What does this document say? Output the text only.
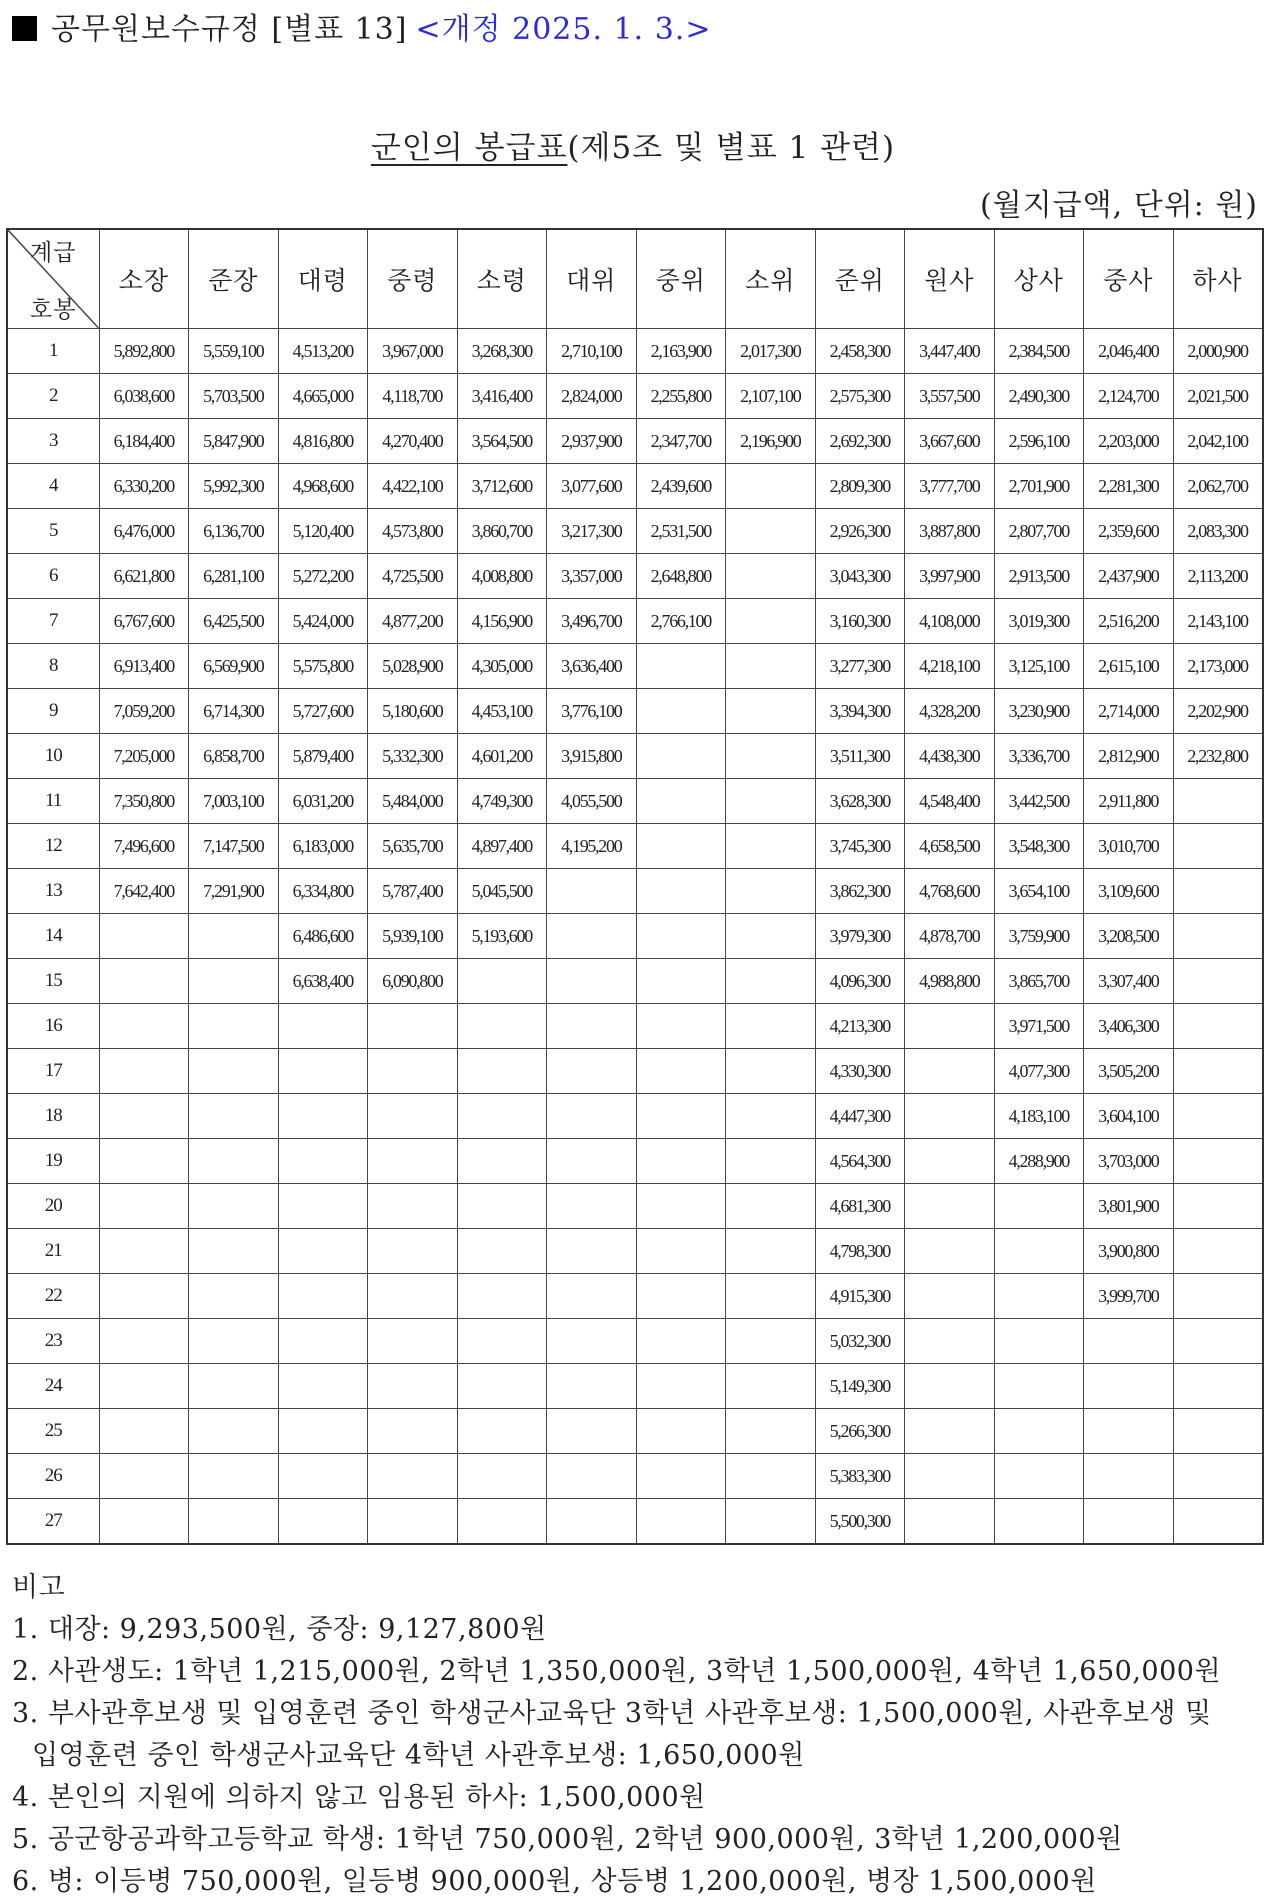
공무원보수규정 [별표 13] <개정 2025. 1. 3.>
군인의 봉급표(제5조 및 별표 1 관련)
(월지급액, 단위: 원)
계급
호봉	소장	준장	대령	중령	소령	대위	중위	소위	준위	원사	상사	중사	하사
1	5,892,800	5,559,100	4,513,200	3,967,000	3,268,300	2,710,100	2,163,900	2,017,300	2,458,300	3,447,400	2,384,500	2,046,400	2,000,900
2	6,038,600	5,703,500	4,665,000	4,118,700	3,416,400	2,824,000	2,255,800	2,107,100	2,575,300	3,557,500	2,490,300	2,124,700	2,021,500
3	6,184,400	5,847,900	4,816,800	4,270,400	3,564,500	2,937,900	2,347,700	2,196,900	2,692,300	3,667,600	2,596,100	2,203,000	2,042,100
4	6,330,200	5,992,300	4,968,600	4,422,100	3,712,600	3,077,600	2,439,600		2,809,300	3,777,700	2,701,900	2,281,300	2,062,700
5	6,476,000	6,136,700	5,120,400	4,573,800	3,860,700	3,217,300	2,531,500		2,926,300	3,887,800	2,807,700	2,359,600	2,083,300
6	6,621,800	6,281,100	5,272,200	4,725,500	4,008,800	3,357,000	2,648,800		3,043,300	3,997,900	2,913,500	2,437,900	2,113,200
7	6,767,600	6,425,500	5,424,000	4,877,200	4,156,900	3,496,700	2,766,100		3,160,300	4,108,000	3,019,300	2,516,200	2,143,100
8	6,913,400	6,569,900	5,575,800	5,028,900	4,305,000	3,636,400			3,277,300	4,218,100	3,125,100	2,615,100	2,173,000
9	7,059,200	6,714,300	5,727,600	5,180,600	4,453,100	3,776,100			3,394,300	4,328,200	3,230,900	2,714,000	2,202,900
10	7,205,000	6,858,700	5,879,400	5,332,300	4,601,200	3,915,800			3,511,300	4,438,300	3,336,700	2,812,900	2,232,800
11	7,350,800	7,003,100	6,031,200	5,484,000	4,749,300	4,055,500			3,628,300	4,548,400	3,442,500	2,911,800	
12	7,496,600	7,147,500	6,183,000	5,635,700	4,897,400	4,195,200			3,745,300	4,658,500	3,548,300	3,010,700	
13	7,642,400	7,291,900	6,334,800	5,787,400	5,045,500				3,862,300	4,768,600	3,654,100	3,109,600	
14			6,486,600	5,939,100	5,193,600				3,979,300	4,878,700	3,759,900	3,208,500	
15			6,638,400	6,090,800					4,096,300	4,988,800	3,865,700	3,307,400	
16									4,213,300		3,971,500	3,406,300	
17									4,330,300		4,077,300	3,505,200	
18									4,447,300		4,183,100	3,604,100	
19									4,564,300		4,288,900	3,703,000	
20									4,681,300			3,801,900	
21									4,798,300			3,900,800	
22									4,915,300			3,999,700	
23									5,032,300				
24									5,149,300				
25									5,266,300				
26									5,383,300				
27									5,500,300				
비고
1. 대장: 9,293,500원, 중장: 9,127,800원
2. 사관생도: 1학년 1,215,000원, 2학년 1,350,000원, 3학년 1,500,000원, 4학년 1,650,000원
3. 부사관후보생 및 입영훈련 중인 학생군사교육단 3학년 사관후보생: 1,500,000원, 사관후보생 및
입영훈련 중인 학생군사교육단 4학년 사관후보생: 1,650,000원
4. 본인의 지원에 의하지 않고 임용된 하사: 1,500,000원
5. 공군항공과학고등학교 학생: 1학년 750,000원, 2학년 900,000원, 3학년 1,200,000원
6. 병: 이등병 750,000원, 일등병 900,000원, 상등병 1,200,000원, 병장 1,500,000원
